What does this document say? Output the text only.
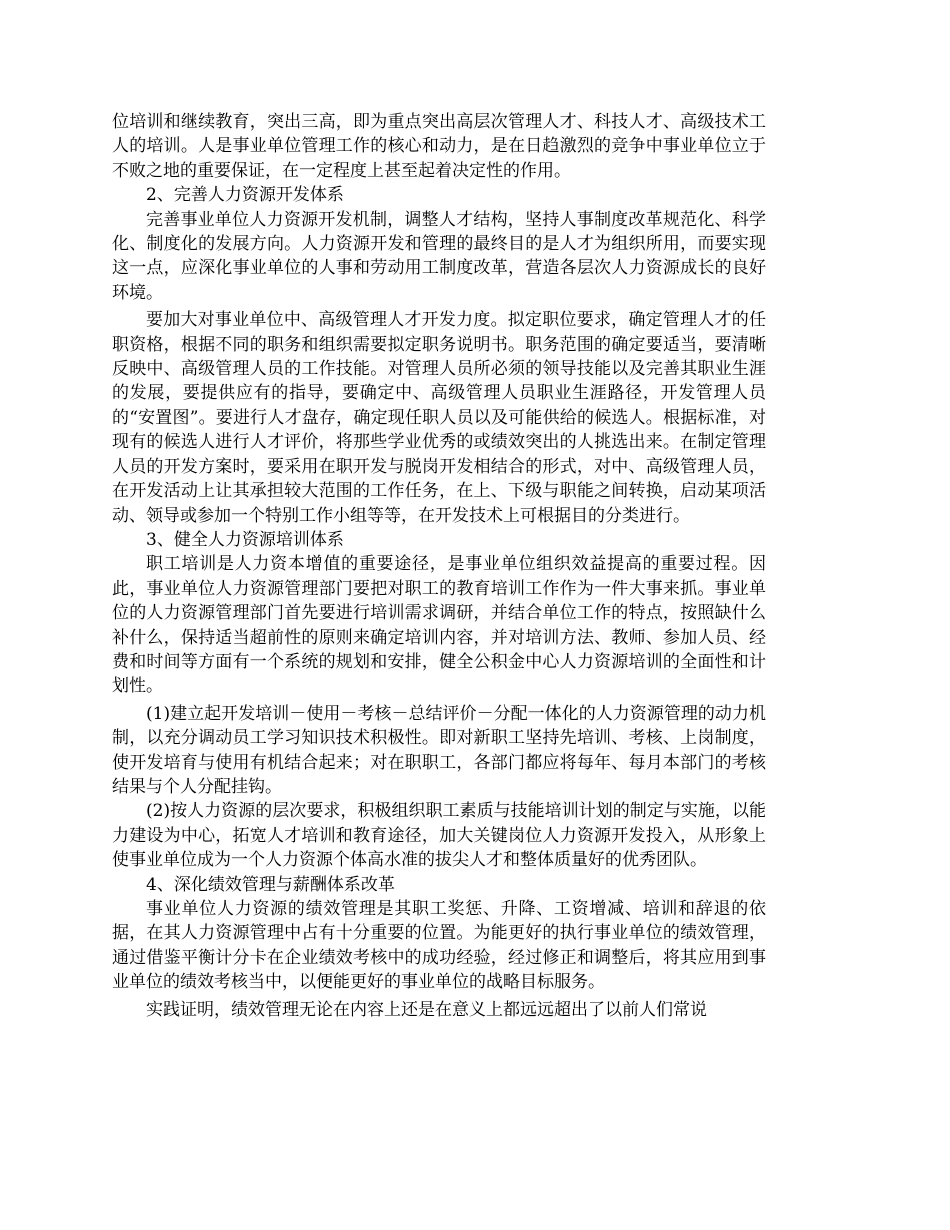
位培训和继续教育，突出三高，即为重点突出高层次管理人才、科技人才、高级技术工人的培训。人是事业单位管理工作的核心和动力，是在日趋激烈的竞争中事业单位立于不败之地的重要保证，在一定程度上甚至起着决定性的作用。

2、完善人力资源开发体系

完善事业单位人力资源开发机制，调整人才结构，坚持人事制度改革规范化、科学化、制度化的发展方向。人力资源开发和管理的最终目的是人才为组织所用，而要实现这一点，应深化事业单位的人事和劳动用工制度改革，营造各层次人力资源成长的良好环境。

要加大对事业单位中、高级管理人才开发力度。拟定职位要求，确定管理人才的任职资格，根据不同的职务和组织需要拟定职务说明书。职务范围的确定要适当，要清晰反映中、高级管理人员的工作技能。对管理人员所必须的领导技能以及完善其职业生涯的发展，要提供应有的指导，要确定中、高级管理人员职业生涯路径，开发管理人员的“安置图”。要进行人才盘存，确定现任职人员以及可能供给的候选人。根据标准，对现有的候选人进行人才评价，将那些学业优秀的或绩效突出的人挑选出来。在制定管理人员的开发方案时，要采用在职开发与脱岗开发相结合的形式，对中、高级管理人员，在开发活动上让其承担较大范围的工作任务，在上、下级与职能之间转换，启动某项活动、领导或参加一个特别工作小组等等，在开发技术上可根据目的分类进行。

3、健全人力资源培训体系

职工培训是人力资本增值的重要途径，是事业单位组织效益提高的重要过程。因此，事业单位人力资源管理部门要把对职工的教育培训工作作为一件大事来抓。事业单位的人力资源管理部门首先要进行培训需求调研，并结合单位工作的特点，按照缺什么补什么，保持适当超前性的原则来确定培训内容，并对培训方法、教师、参加人员、经费和时间等方面有一个系统的规划和安排，健全公积金中心人力资源培训的全面性和计划性。

(1)建立起开发培训－使用－考核－总结评价－分配一体化的人力资源管理的动力机制，以充分调动员工学习知识技术积极性。即对新职工坚持先培训、考核、上岗制度，使开发培育与使用有机结合起来；对在职职工，各部门都应将每年、每月本部门的考核结果与个人分配挂钩。

(2)按人力资源的层次要求，积极组织职工素质与技能培训计划的制定与实施，以能力建设为中心，拓宽人才培训和教育途径，加大关键岗位人力资源开发投入，从形象上使事业单位成为一个人力资源个体高水准的拔尖人才和整体质量好的优秀团队。

4、深化绩效管理与薪酬体系改革

事业单位人力资源的绩效管理是其职工奖惩、升降、工资增减、培训和辞退的依据，在其人力资源管理中占有十分重要的位置。为能更好的执行事业单位的绩效管理，通过借鉴平衡计分卡在企业绩效考核中的成功经验，经过修正和调整后，将其应用到事业单位的绩效考核当中，以便能更好的事业单位的战略目标服务。

实践证明，绩效管理无论在内容上还是在意义上都远远超出了以前人们常说
